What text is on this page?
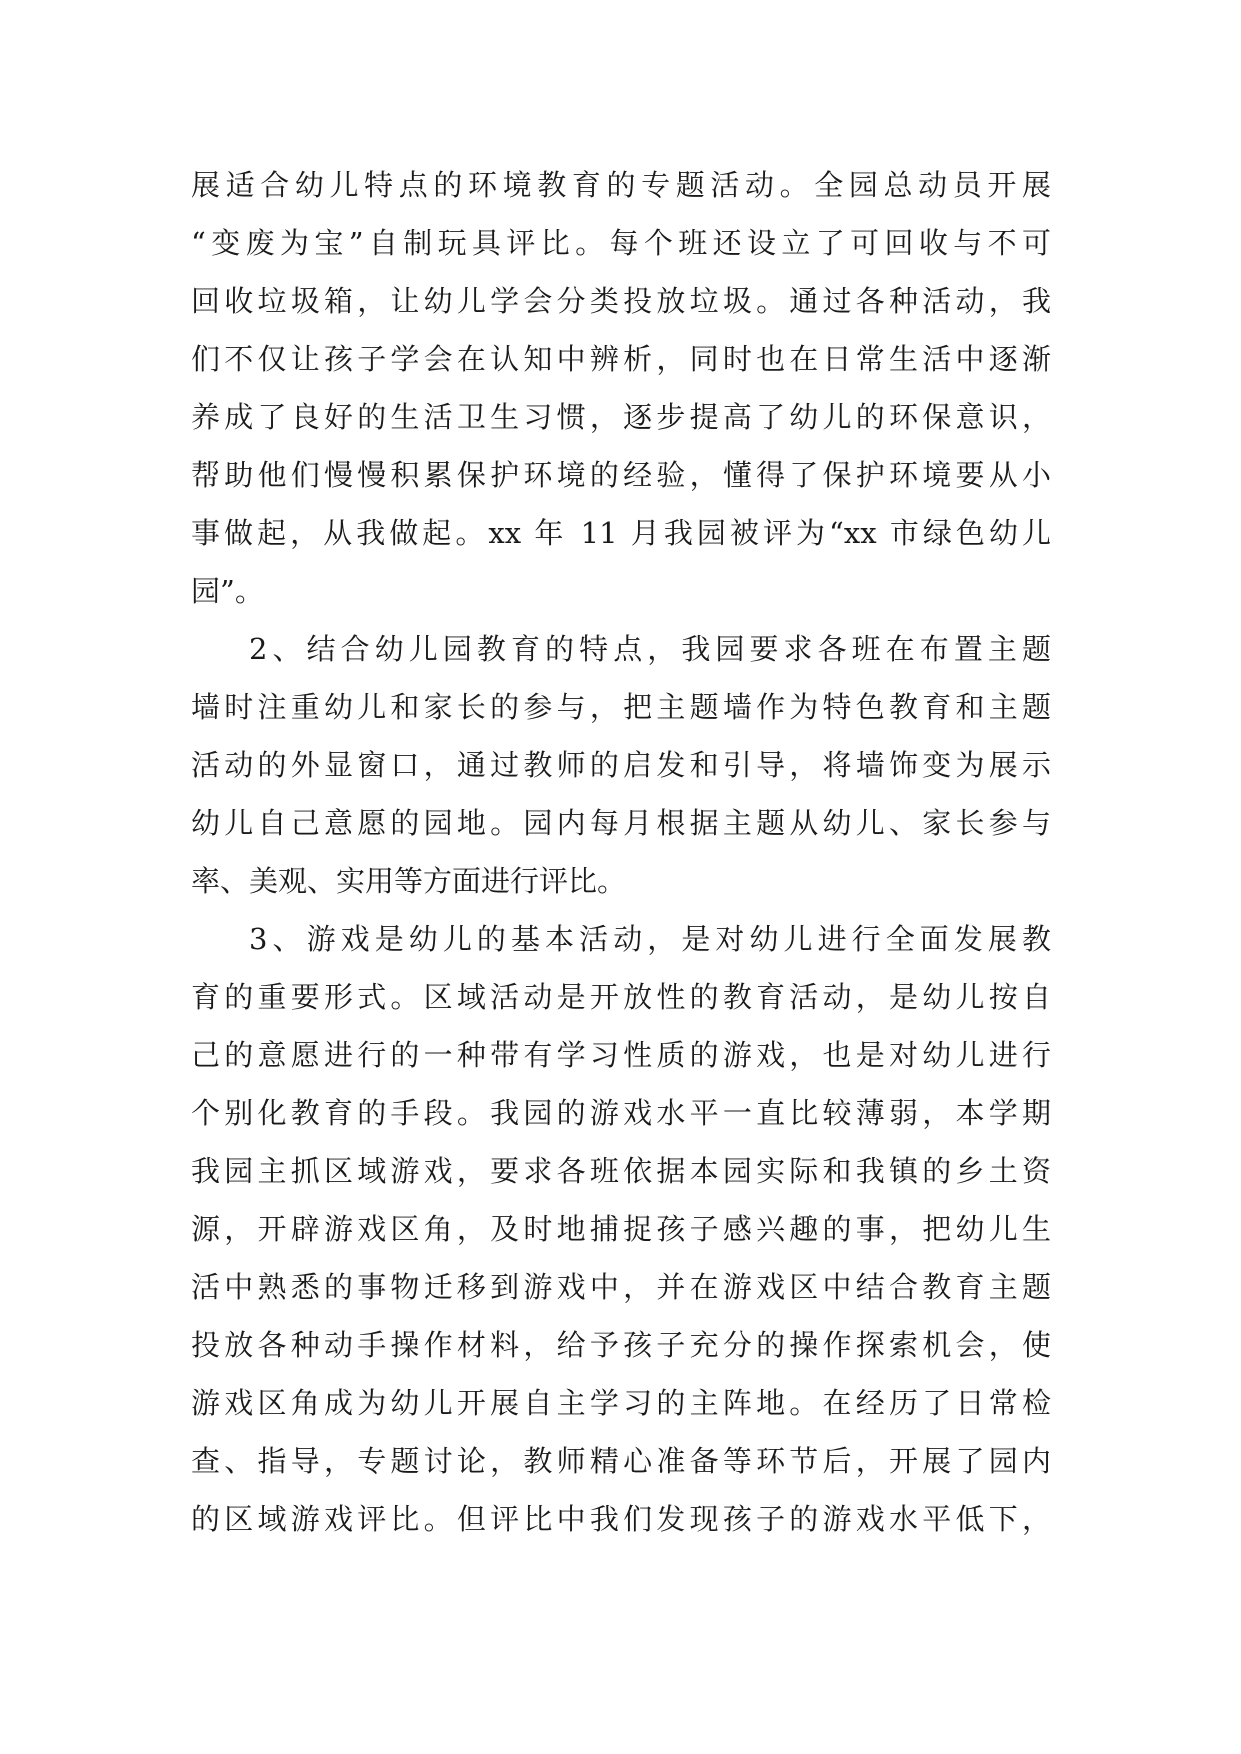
展适合幼儿特点的环境教育的专题活动。全园总动员开展
“变废为宝”自制玩具评比。每个班还设立了可回收与不可
回收垃圾箱，让幼儿学会分类投放垃圾。通过各种活动，我
们不仅让孩子学会在认知中辨析，同时也在日常生活中逐渐
养成了良好的生活卫生习惯，逐步提高了幼儿的环保意识，
帮助他们慢慢积累保护环境的经验，懂得了保护环境要从小
事做起，从我做起。xx 年 11 月我园被评为“xx 市绿色幼儿
园”。
2、结合幼儿园教育的特点，我园要求各班在布置主题
墙时注重幼儿和家长的参与，把主题墙作为特色教育和主题
活动的外显窗口，通过教师的启发和引导，将墙饰变为展示
幼儿自己意愿的园地。园内每月根据主题从幼儿、家长参与
率、美观、实用等方面进行评比。
3、游戏是幼儿的基本活动，是对幼儿进行全面发展教
育的重要形式。区域活动是开放性的教育活动，是幼儿按自
己的意愿进行的一种带有学习性质的游戏，也是对幼儿进行
个别化教育的手段。我园的游戏水平一直比较薄弱，本学期
我园主抓区域游戏，要求各班依据本园实际和我镇的乡土资
源，开辟游戏区角，及时地捕捉孩子感兴趣的事，把幼儿生
活中熟悉的事物迁移到游戏中，并在游戏区中结合教育主题
投放各种动手操作材料，给予孩子充分的操作探索机会，使
游戏区角成为幼儿开展自主学习的主阵地。在经历了日常检
查、指导，专题讨论，教师精心准备等环节后，开展了园内
的区域游戏评比。但评比中我们发现孩子的游戏水平低下，
